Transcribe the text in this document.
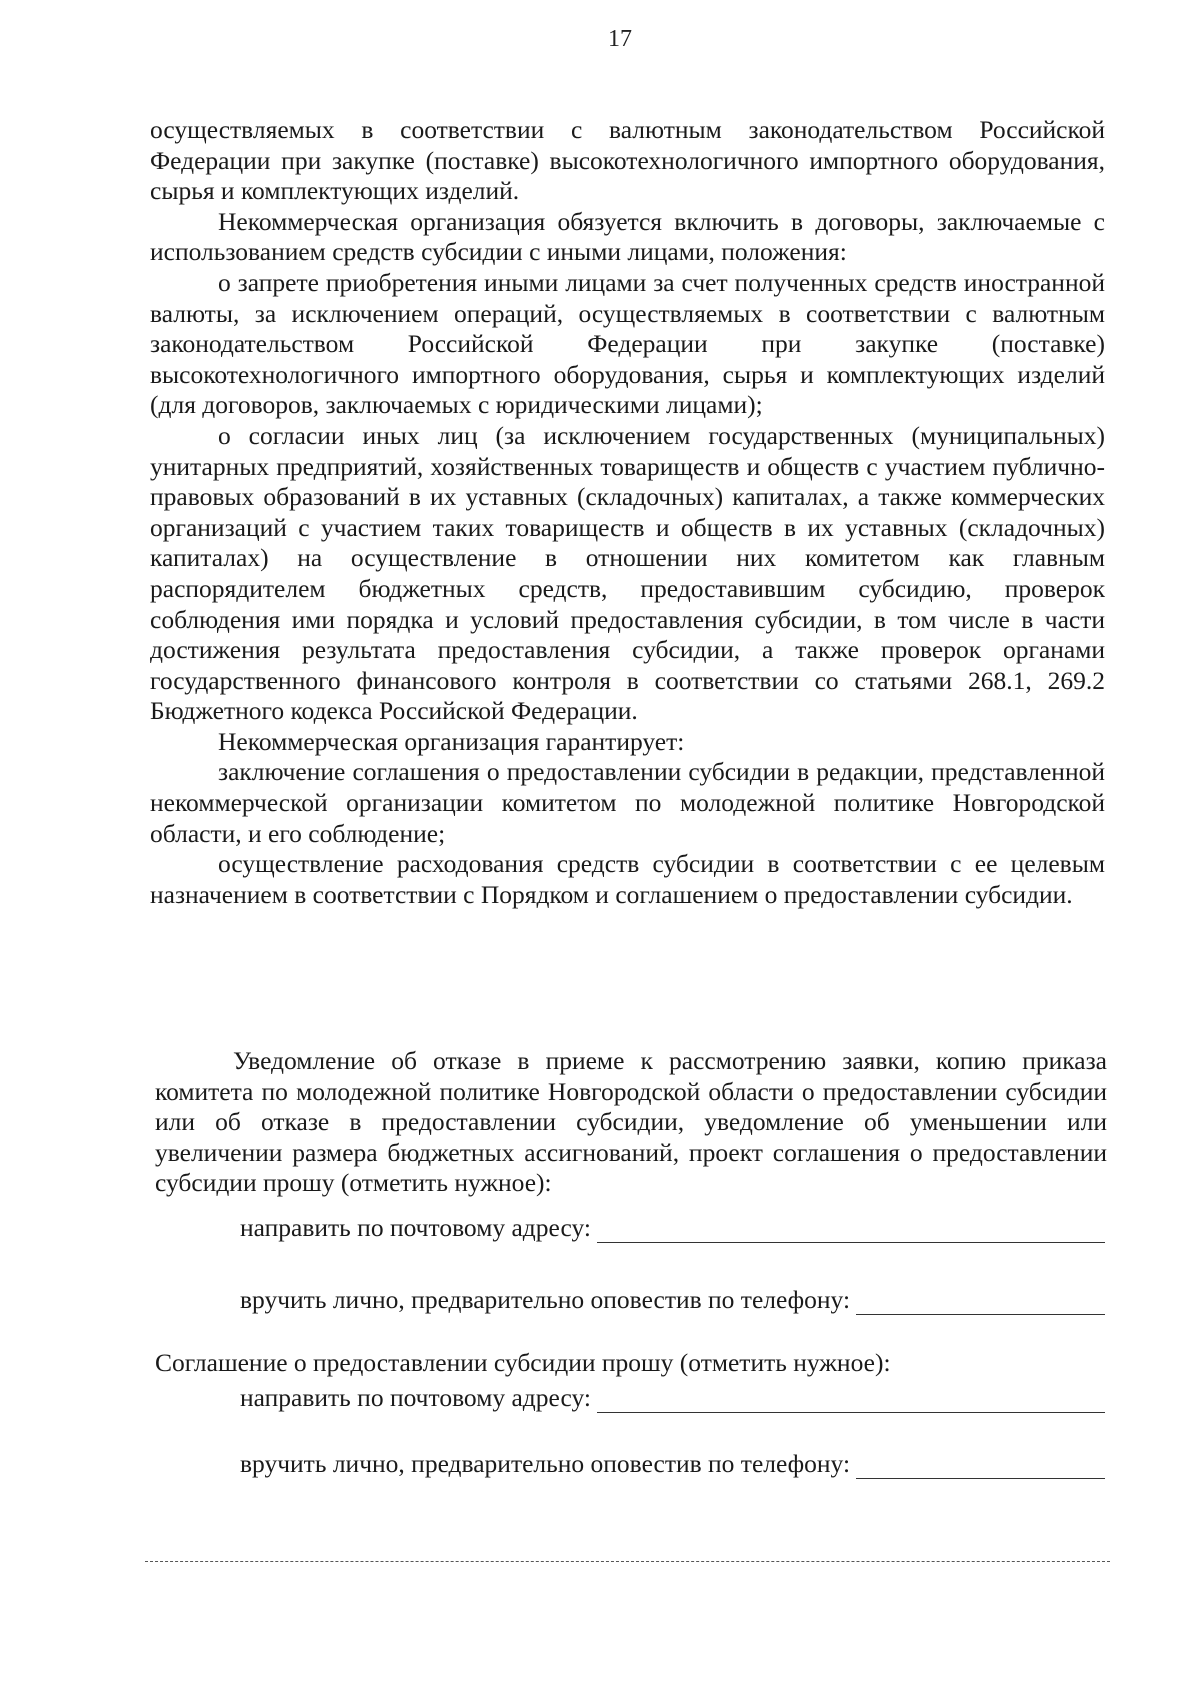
17

осуществляемых в соответствии с валютным законодательством Российской Федерации при закупке (поставке) высокотехнологичного импортного оборудования, сырья и комплектующих изделий.

Некоммерческая организация обязуется включить в договоры, заключаемые с использованием средств субсидии с иными лицами, положения:

о запрете приобретения иными лицами за счет полученных средств иностранной валюты, за исключением операций, осуществляемых в соответствии с валютным законодательством Российской Федерации при закупке (поставке) высокотехнологичного импортного оборудования, сырья и комплектующих изделий (для договоров, заключаемых с юридическими лицами);

о согласии иных лиц (за исключением государственных (муниципальных) унитарных предприятий, хозяйственных товариществ и обществ с участием публично-правовых образований в их уставных (складочных) капиталах, а также коммерческих организаций с участием таких товариществ и обществ в их уставных (складочных) капиталах) на осуществление в отношении них комитетом как главным распорядителем бюджетных средств, предоставившим субсидию, проверок соблюдения ими порядка и условий предоставления субсидии, в том числе в части достижения результата предоставления субсидии, а также проверок органами государственного финансового контроля в соответствии со статьями 268.1, 269.2 Бюджетного кодекса Российской Федерации.

Некоммерческая организация гарантирует:

заключение соглашения о предоставлении субсидии в редакции, представленной некоммерческой организации комитетом по молодежной политике Новгородской области, и его соблюдение;

осуществление расходования средств субсидии в соответствии с ее целевым назначением в соответствии с Порядком и соглашением о предоставлении субсидии.

Уведомление об отказе в приеме к рассмотрению заявки, копию приказа комитета по молодежной политике Новгородской области о предоставлении субсидии или об отказе в предоставлении субсидии, уведомление об уменьшении или увеличении размера бюджетных ассигнований, проект соглашения о предоставлении субсидии прошу (отметить нужное):

направить по почтовому адресу:
вручить лично, предварительно оповестив по телефону:
Соглашение о предоставлении субсидии прошу (отметить нужное):
направить по почтовому адресу:
вручить лично, предварительно оповестив по телефону:
